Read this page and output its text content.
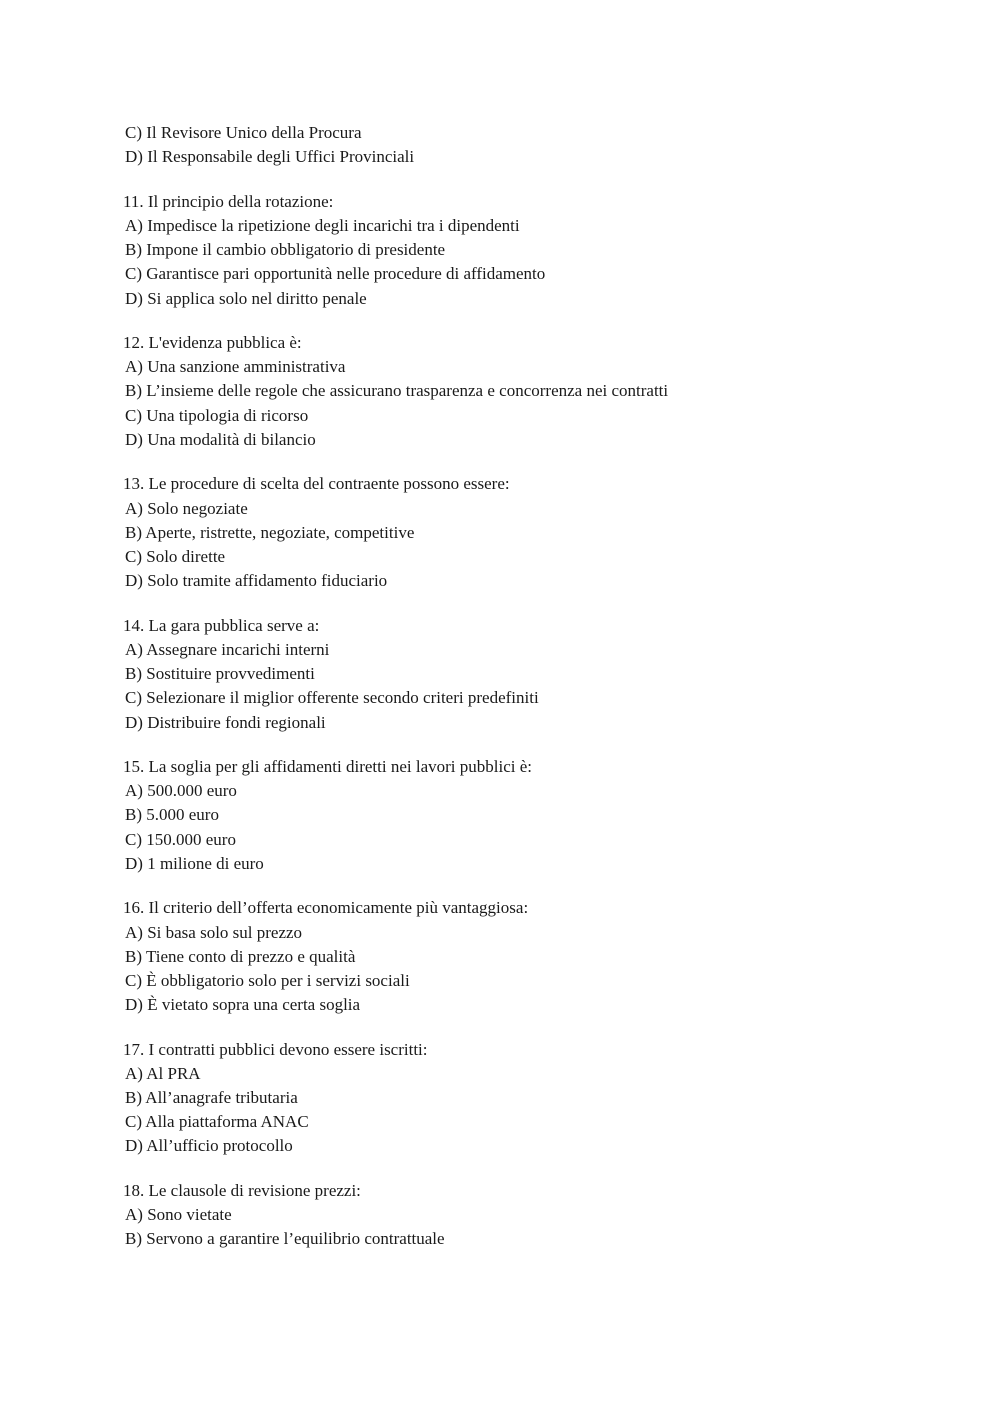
C) Il Revisore Unico della Procura
D) Il Responsabile degli Uffici Provinciali
11. Il principio della rotazione:
A) Impedisce la ripetizione degli incarichi tra i dipendenti
B) Impone il cambio obbligatorio di presidente
C) Garantisce pari opportunità nelle procedure di affidamento
D) Si applica solo nel diritto penale
12. L'evidenza pubblica è:
A) Una sanzione amministrativa
B) L’insieme delle regole che assicurano trasparenza e concorrenza nei contratti
C) Una tipologia di ricorso
D) Una modalità di bilancio
13. Le procedure di scelta del contraente possono essere:
A) Solo negoziate
B) Aperte, ristrette, negoziate, competitive
C) Solo dirette
D) Solo tramite affidamento fiduciario
14. La gara pubblica serve a:
A) Assegnare incarichi interni
B) Sostituire provvedimenti
C) Selezionare il miglior offerente secondo criteri predefiniti
D) Distribuire fondi regionali
15. La soglia per gli affidamenti diretti nei lavori pubblici è:
A) 500.000 euro
B) 5.000 euro
C) 150.000 euro
D) 1 milione di euro
16. Il criterio dell’offerta economicamente più vantaggiosa:
A) Si basa solo sul prezzo
B) Tiene conto di prezzo e qualità
C) È obbligatorio solo per i servizi sociali
D) È vietato sopra una certa soglia
17. I contratti pubblici devono essere iscritti:
A) Al PRA
B) All’anagrafe tributaria
C) Alla piattaforma ANAC
D) All’ufficio protocollo
18. Le clausole di revisione prezzi:
A) Sono vietate
B) Servono a garantire l’equilibrio contrattuale
